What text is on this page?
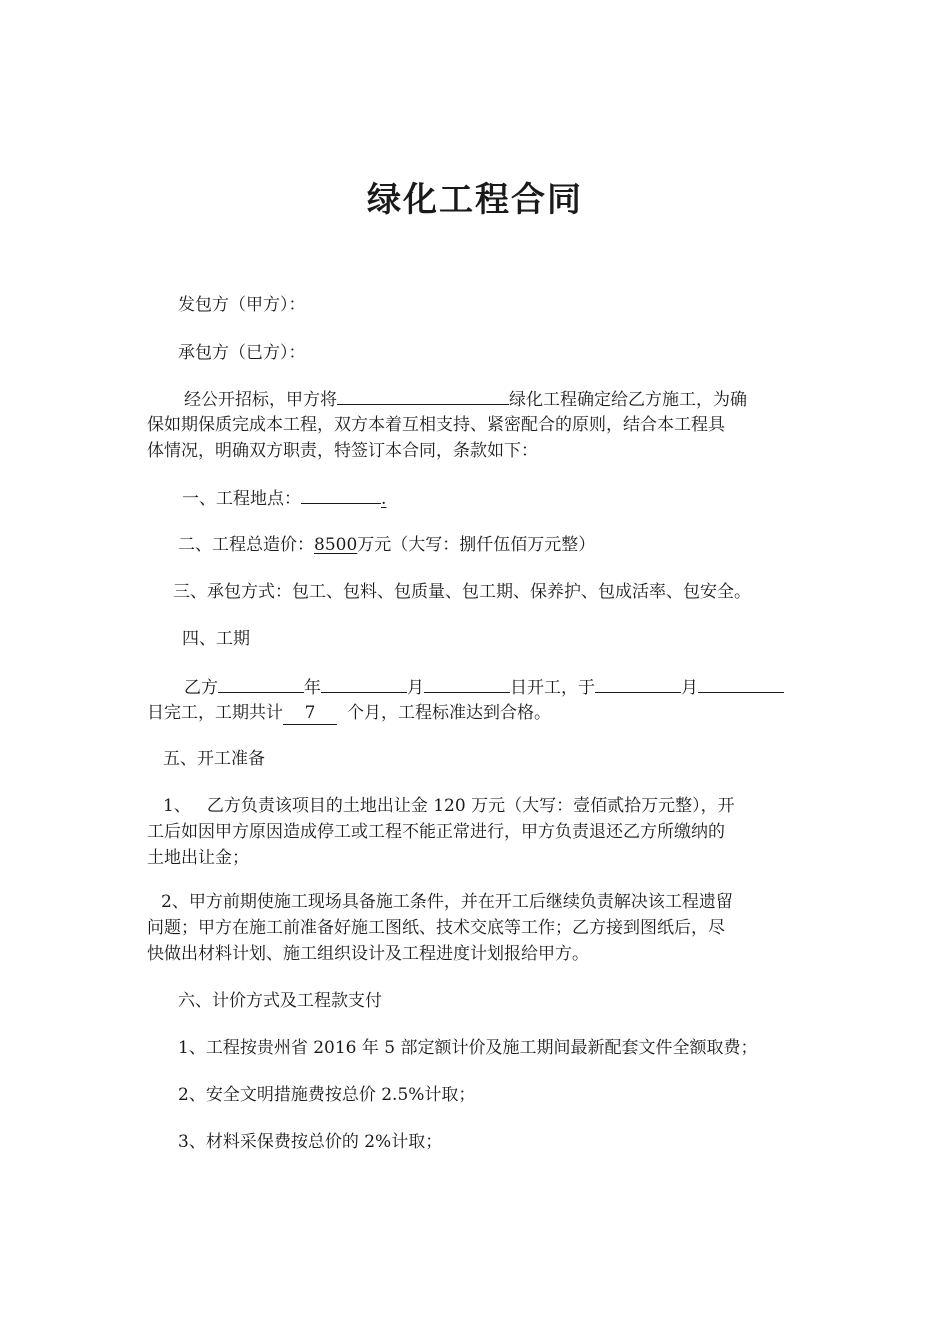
绿化工程合同
发包方（甲方）：
承包方（已方）：
经公开招标，甲方将	绿化工程确定给乙方施工，为确
保如期保质完成本工程，双方本着互相支持、紧密配合的原则，结合本工程具
体情况，明确双方职责，特签订本合同，条款如下：
一、工程地点：	.
二、工程总造价：8500万元（大写：捌仟伍佰万元整）
三、承包方式：包工、包料、包质量、包工期、保养护、包成活率、包安全。
四、工期
乙方	年	月	日开工，于	月
日完工，工期共计 7 个月，工程标准达到合格。
五、开工准备
1、 乙方负责该项目的土地出让金 120 万元（大写：壹佰贰拾万元整），开
工后如因甲方原因造成停工或工程不能正常进行，甲方负责退还乙方所缴纳的
土地出让金；
2、甲方前期使施工现场具备施工条件，并在开工后继续负责解决该工程遗留
问题；甲方在施工前准备好施工图纸、技术交底等工作；乙方接到图纸后，尽
快做出材料计划、施工组织设计及工程进度计划报给甲方。
六、计价方式及工程款支付
1、工程按贵州省 2016 年 5 部定额计价及施工期间最新配套文件全额取费；
2、安全文明措施费按总价 2.5%计取；
3、材料采保费按总价的 2%计取；
